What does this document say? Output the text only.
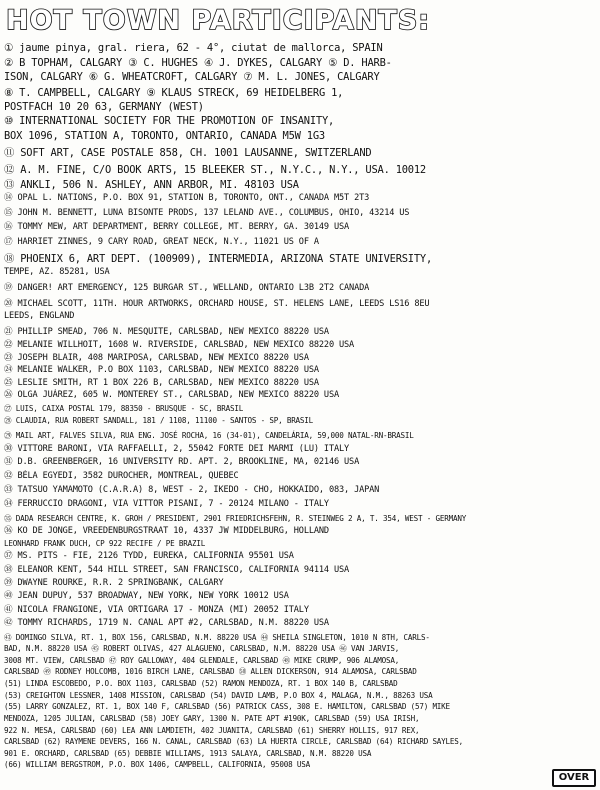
HOT TOWN PARTICIPANTS:
① jaume pinya, gral. riera, 62 - 4°, ciutat de mallorca, SPAIN
② B TOPHAM, CALGARY ③ C. HUGHES ④ J. DYKES, CALGARY ⑤ D. HARB-
ISON, CALGARY ⑥ G. WHEATCROFT, CALGARY ⑦ M. L. JONES, CALGARY
⑧ T. CAMPBELL, CALGARY ⑨ KLAUS STRECK, 69 HEIDELBERG 1,
POSTFACH 10 20 63, GERMANY (WEST)
⑩ INTERNATIONAL SOCIETY FOR THE PROMOTION OF INSANITY,
BOX 1096, STATION A, TORONTO, ONTARIO, CANADA M5W 1G3
⑪ SOFT ART, CASE POSTALE 858, CH. 1001 LAUSANNE, SWITZERLAND
⑫ A. M. FINE, C/O BOOK ARTS, 15 BLEEKER ST., N.Y.C., N.Y., USA. 10012
⑬ ANKLI, 506 N. ASHLEY, ANN ARBOR, MI. 48103 USA
⑭ OPAL L. NATIONS, P.O. BOX 91, STATION B, TORONTO, ONT., CANADA M5T 2T3
⑮ JOHN M. BENNETT, LUNA BISONTE PRODS, 137 LELAND AVE., COLUMBUS, OHIO, 43214 US
⑯ TOMMY MEW, ART DEPARTMENT, BERRY COLLEGE, MT. BERRY, GA. 30149 USA
⑰ HARRIET ZINNES, 9 CARY ROAD, GREAT NECK, N.Y., 11021 US OF A
⑱ PHOENIX 6, ART DEPT. (100909), INTERMEDIA, ARIZONA STATE UNIVERSITY,
TEMPE, AZ. 85281, USA
⑲ DANGER! ART EMERGENCY, 125 BURGAR ST., WELLAND, ONTARIO L3B 2T2 CANADA
⑳ MICHAEL SCOTT, 11TH. HOUR ARTWORKS, ORCHARD HOUSE, ST. HELENS LANE, LEEDS LS16 8EU
LEEDS, ENGLAND
㉑ PHILLIP SMEAD, 706 N. MESQUITE, CARLSBAD, NEW MEXICO 88220 USA
㉒ MELANIE WILLHOIT, 1608 W. RIVERSIDE, CARLSBAD, NEW MEXICO 88220 USA
㉓ JOSEPH BLAIR, 408 MARIPOSA, CARLSBAD, NEW MEXICO 88220 USA
㉔ MELANIE WALKER, P.O BOX 1103, CARLSBAD, NEW MEXICO 88220 USA
㉕ LESLIE SMITH, RT 1 BOX 226 B, CARLSBAD, NEW MEXICO 88220 USA
㉖ OLGA JUÁREZ, 605 W. MONTEREY ST., CARLSBAD, NEW MEXICO 88220 USA
㉗ LUIS, CAIXA POSTAL 179, 88350 - BRUSQUE - SC, BRASIL
㉘ CLAUDIA, RUA ROBERT SANDALL, 181 / 1108, 11100 - SANTOS - SP, BRASIL
㉙ MAIL ART, FALVES SILVA, RUA ENG. JOSÉ ROCHA, 16 (34-01), CANDELÁRIA, 59,000 NATAL-RN-BRASIL
㉚ VITTORE BARONI, VIA RAFFAELLI, 2, 55042 FORTE DEI MARMI (LU) ITALY
㉛ D.B. GREENBERGER, 16 UNIVERSITY RD. APT. 2, BROOKLINE, MA, 02146 USA
㉜ BÉLA EGYEDI, 3582 DUROCHER, MONTREAL, QUEBEC
㉝ TATSUO YAMAMOTO (C.A.R.A) 8, WEST - 2, IKEDO - CHO, HOKKAIDO, 083, JAPAN
㉞ FERRUCCIO DRAGONI, VIA VITTOR PISANI, 7 - 20124 MILANO - ITALY
㉟ DADA RESEARCH CENTRE, K. GROH / PRESIDENT, 2901 FRIEDRICHSFEHN, R. STEINWEG 2 A, T. 354, WEST - GERMANY
㊱ KO DE JONGE, VREEDENBURGSTRAAT 10, 4337 JW MIDDELBURG, HOLLAND
LEONHARD FRANK DUCH, CP 922 RECIFE / PE BRAZIL
㊲ MS. PITS - FIE, 2126 TYDD, EUREKA, CALIFORNIA 95501 USA
㊳ ELEANOR KENT, 544 HILL STREET, SAN FRANCISCO, CALIFORNIA 94114 USA
㊴ DWAYNE ROURKE, R.R. 2 SPRINGBANK, CALGARY
㊵ JEAN DUPUY, 537 BROADWAY, NEW YORK, NEW YORK 10012 USA
㊶ NICOLA FRANGIONE, VIA ORTIGARA 17 - MONZA (MI) 20052 ITALY
㊷ TOMMY RICHARDS, 1719 N. CANAL APT #2, CARLSBAD, N.M. 88220 USA
㊸ DOMINGO SILVA, RT. 1, BOX 156, CARLSBAD, N.M. 88220 USA ㊹ SHEILA SINGLETON, 1010 N 8TH, CARLS-
BAD, N.M. 88220 USA ㊺ ROBERT OLIVAS, 427 ALAGUENO, CARLSBAD, N.M. 88220 USA ㊻ VAN JARVIS,
3008 MT. VIEW, CARLSBAD ㊼ ROY GALLOWAY, 404 GLENDALE, CARLSBAD ㊽ MIKE CRUMP, 906 ALAMOSA,
CARLSBAD ㊾ RODNEY HOLCOMB, 1016 BIRCH LANE, CARLSBAD ㊿ ALLEN DICKERSON, 914 ALAMOSA, CARLSBAD
(51) LINDA ESCOBEDO, P.O. BOX 1103, CARLSBAD (52) RAMON MENDOZA, RT. 1 BOX 140 B, CARLSBAD
(53) CREIGHTON LESSNER, 1408 MISSION, CARLSBAD (54) DAVID LAMB, P.O BOX 4, MALAGA, N.M., 88263 USA
(55) LARRY GONZALEZ, RT. 1, BOX 140 F, CARLSBAD (56) PATRICK CASS, 308 E. HAMILTON, CARLSBAD (57) MIKE
MENDOZA, 1205 JULIAN, CARLSBAD (58) JOEY GARY, 1300 N. PATE APT #190K, CARLSBAD (59) USA IRISH,
922 N. MESA, CARLSBAD (60) LEA ANN LAMDIETH, 402 JUANITA, CARLSBAD (61) SHERRY HOLLIS, 917 REX,
CARLSBAD (62) RAYMENE DEVERS, 166 N. CANAL, CARLSBAD (63) LA HUERTA CIRCLE, CARLSBAD (64) RICHARD SAYLES,
901 E. ORCHARD, CARLSBAD (65) DEBBIE WILLIAMS, 1913 SALAYA, CARLSBAD, N.M. 88220 USA
(66) WILLIAM BERGSTROM, P.O. BOX 1406, CAMPBELL, CALIFORNIA, 95008 USA
OVER
